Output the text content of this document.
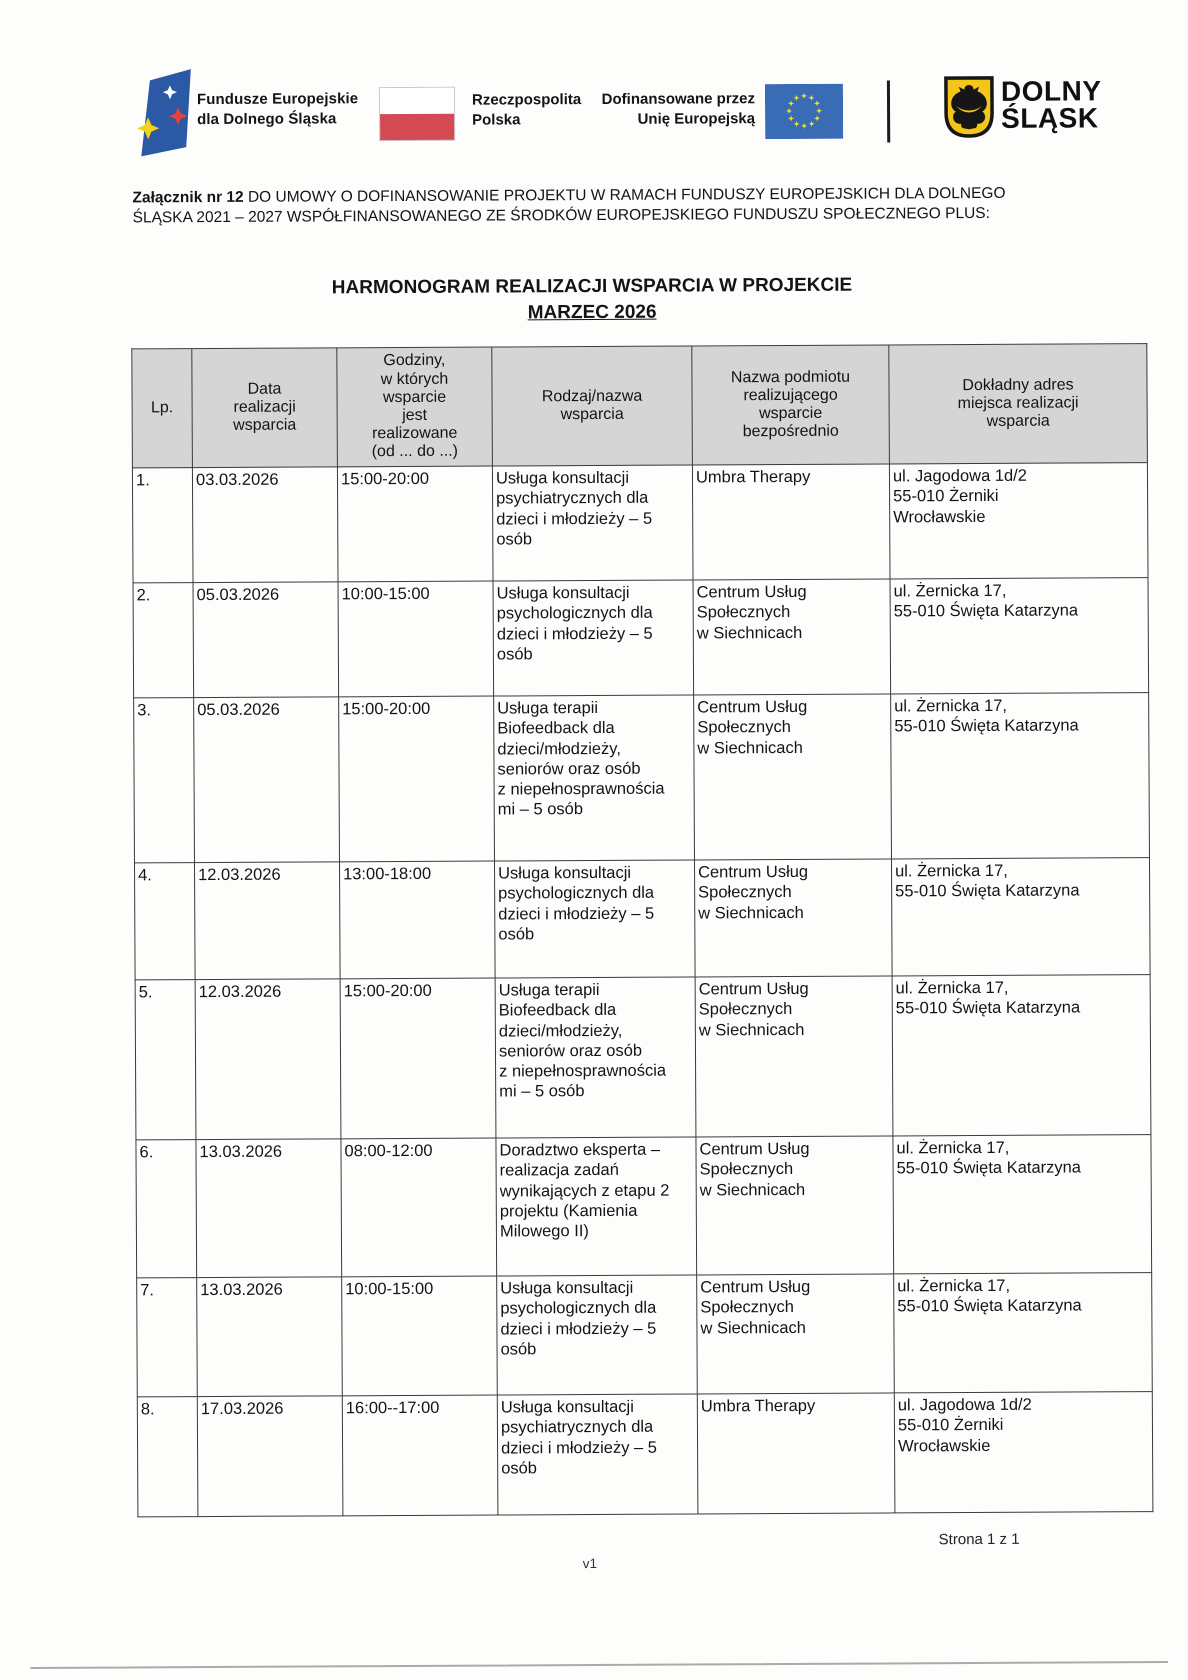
Fundusze Europejskie
dla Dolnego Śląska
Rzeczpospolita
Polska
Dofinansowane przez
Unię Europejską
DOLNY
ŚLĄSK
Załącznik nr 12 DO UMOWY O DOFINANSOWANIE PROJEKTU W RAMACH FUNDUSZY EUROPEJSKICH DLA DOLNEGO
ŚLĄSKA 2021 – 2027 WSPÓŁFINANSOWANEGO ZE ŚRODKÓW EUROPEJSKIEGO FUNDUSZU SPOŁECZNEGO PLUS:
HARMONOGRAM REALIZACJI WSPARCIA W PROJEKCIE
MARZEC 2026
Lp.	Data
realizacji
wsparcia	Godziny,
w których
wsparcie
jest
realizowane
(od ... do ...)	Rodzaj/nazwa
wsparcia	Nazwa podmiotu
realizującego
wsparcie
bezpośrednio	Dokładny adres
miejsca realizacji
wsparcia
1.	03.03.2026	15:00-20:00	Usługa konsultacji
psychiatrycznych dla
dzieci i młodzieży – 5
osób	Umbra Therapy	ul. Jagodowa 1d/2
55-010 Żerniki
Wrocławskie
2.	05.03.2026	10:00-15:00	Usługa konsultacji
psychologicznych dla
dzieci i młodzieży – 5
osób	Centrum Usług
Społecznych
w Siechnicach	ul. Żernicka 17,
55-010 Święta Katarzyna
3.	05.03.2026	15:00-20:00	Usługa terapii
Biofeedback dla
dzieci/młodzieży,
seniorów oraz osób
z niepełnosprawnościa
mi – 5 osób	Centrum Usług
Społecznych
w Siechnicach	ul. Żernicka 17,
55-010 Święta Katarzyna
4.	12.03.2026	13:00-18:00	Usługa konsultacji
psychologicznych dla
dzieci i młodzieży – 5
osób	Centrum Usług
Społecznych
w Siechnicach	ul. Żernicka 17,
55-010 Święta Katarzyna
5.	12.03.2026	15:00-20:00	Usługa terapii
Biofeedback dla
dzieci/młodzieży,
seniorów oraz osób
z niepełnosprawnościa
mi – 5 osób	Centrum Usług
Społecznych
w Siechnicach	ul. Żernicka 17,
55-010 Święta Katarzyna
6.	13.03.2026	08:00-12:00	Doradztwo eksperta –
realizacja zadań
wynikających z etapu 2
projektu (Kamienia
Milowego II)	Centrum Usług
Społecznych
w Siechnicach	ul. Żernicka 17,
55-010 Święta Katarzyna
7.	13.03.2026	10:00-15:00	Usługa konsultacji
psychologicznych dla
dzieci i młodzieży – 5
osób	Centrum Usług
Społecznych
w Siechnicach	ul. Żernicka 17,
55-010 Święta Katarzyna
8.	17.03.2026	16:00--17:00	Usługa konsultacji
psychiatrycznych dla
dzieci i młodzieży – 5
osób	Umbra Therapy	ul. Jagodowa 1d/2
55-010 Żerniki
Wrocławskie
Strona 1 z 1
v1
